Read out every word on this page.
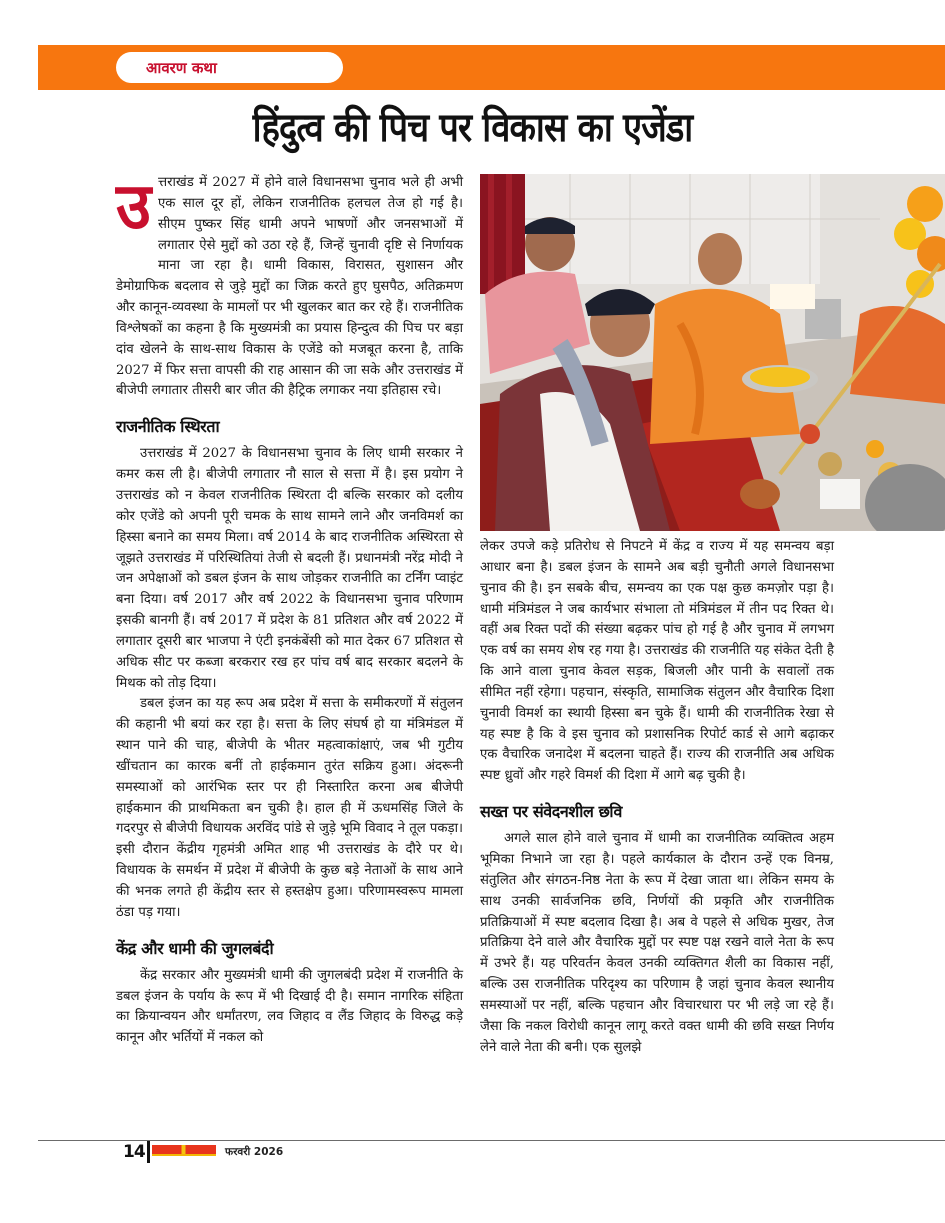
आवरण कथा
हिंदुत्व की पिच पर विकास का एजेंडा
उ त्तराखंड में 2027 में होने वाले विधानसभा चुनाव भले ही अभी एक साल दूर हों, लेकिन राजनीतिक हलचल तेज हो गई है। सीएम पुष्कर सिंह धामी अपने भाषणों और जनसभाओं में लगातार ऐसे मुद्दों को उठा रहे हैं, जिन्हें चुनावी दृष्टि से निर्णायक माना जा रहा है। धामी विकास, विरासत, सुशासन और डेमोग्राफिक बदलाव से जुड़े मुद्दों का जिक्र करते हुए घुसपैठ, अतिक्रमण और कानून-व्यवस्था के मामलों पर भी खुलकर बात कर रहे हैं। राजनीतिक विश्लेषकों का कहना है कि मुख्यमंत्री का प्रयास हिन्दुत्व की पिच पर बड़ा दांव खेलने के साथ-साथ विकास के एजेंडे को मजबूत करना है, ताकि 2027 में फिर सत्ता वापसी की राह आसान की जा सके और उत्तराखंड में बीजेपी लगातार तीसरी बार जीत की हैट्रिक लगाकर नया इतिहास रचे।

राजनीतिक स्थिरता

उत्तराखंड में 2027 के विधानसभा चुनाव के लिए धामी सरकार ने कमर कस ली है। बीजेपी लगातार नौ साल से सत्ता में है। इस प्रयोग ने उत्तराखंड को न केवल राजनीतिक स्थिरता दी बल्कि सरकार को दलीय कोर एजेंडे को अपनी पूरी चमक के साथ सामने लाने और जनविमर्श का हिस्सा बनाने का समय मिला। वर्ष 2014 के बाद राजनीतिक अस्थिरता से जूझते उत्तराखंड में परिस्थितियां तेजी से बदली हैं। प्रधानमंत्री नरेंद्र मोदी ने जन अपेक्षाओं को डबल इंजन के साथ जोड़कर राजनीति का टर्निंग प्वाइंट बना दिया। वर्ष 2017 और वर्ष 2022 के विधानसभा चुनाव परिणाम इसकी बानगी हैं। वर्ष 2017 में प्रदेश के 81 प्रतिशत और वर्ष 2022 में लगातार दूसरी बार भाजपा ने एंटी इनकंबेंसी को मात देकर 67 प्रतिशत से अधिक सीट पर कब्जा बरकरार रख हर पांच वर्ष बाद सरकार बदलने के मिथक को तोड़ दिया।

डबल इंजन का यह रूप अब प्रदेश में सत्ता के समीकरणों में संतुलन की कहानी भी बयां कर रहा है। सत्ता के लिए संघर्ष हो या मंत्रिमंडल में स्थान पाने की चाह, बीजेपी के भीतर महत्वाकांक्षाएं, जब भी गुटीय खींचतान का कारक बनीं तो हाईकमान तुरंत सक्रिय हुआ। अंदरूनी समस्याओं को आरंभिक स्तर पर ही निस्तारित करना अब बीजेपी हाईकमान की प्राथमिकता बन चुकी है। हाल ही में ऊधमसिंह जिले के गदरपुर से बीजेपी विधायक अरविंद पांडे से जुड़े भूमि विवाद ने तूल पकड़ा। इसी दौरान केंद्रीय गृहमंत्री अमित शाह भी उत्तराखंड के दौरे पर थे। विधायक के समर्थन में प्रदेश में बीजेपी के कुछ बड़े नेताओं के साथ आने की भनक लगते ही केंद्रीय स्तर से हस्तक्षेप हुआ। परिणामस्वरूप मामला ठंडा पड़ गया।

केंद्र और धामी की जुगलबंदी

केंद्र सरकार और मुख्यमंत्री धामी की जुगलबंदी प्रदेश में राजनीति के डबल इंजन के पर्याय के रूप में भी दिखाई दी है। समान नागरिक संहिता का क्रियान्वयन और धर्मांतरण, लव जिहाद व लैंड जिहाद के विरुद्ध कड़े कानून और भर्तियों में नकल को

लेकर उपजे कड़े प्रतिरोध से निपटने में केंद्र व राज्य में यह समन्वय बड़ा आधार बना है। डबल इंजन के सामने अब बड़ी चुनौती अगले विधानसभा चुनाव की है। इन सबके बीच, समन्वय का एक पक्ष कुछ कमज़ोर पड़ा है। धामी मंत्रिमंडल ने जब कार्यभार संभाला तो मंत्रिमंडल में तीन पद रिक्त थे। वहीं अब रिक्त पदों की संख्या बढ़कर पांच हो गई है और चुनाव में लगभग एक वर्ष का समय शेष रह गया है। उत्तराखंड की राजनीति यह संकेत देती है कि आने वाला चुनाव केवल सड़क, बिजली और पानी के सवालों तक सीमित नहीं रहेगा। पहचान, संस्कृति, सामाजिक संतुलन और वैचारिक दिशा चुनावी विमर्श का स्थायी हिस्सा बन चुके हैं। धामी की राजनीतिक रेखा से यह स्पष्ट है कि वे इस चुनाव को प्रशासनिक रिपोर्ट कार्ड से आगे बढ़ाकर एक वैचारिक जनादेश में बदलना चाहते हैं। राज्य की राजनीति अब अधिक स्पष्ट ध्रुवों और गहरे विमर्श की दिशा में आगे बढ़ चुकी है।

सख्त पर संवेदनशील छवि

अगले साल होने वाले चुनाव में धामी का राजनीतिक व्यक्तित्व अहम भूमिका निभाने जा रहा है। पहले कार्यकाल के दौरान उन्हें एक विनम्र, संतुलित और संगठन-निष्ठ नेता के रूप में देखा जाता था। लेकिन समय के साथ उनकी सार्वजनिक छवि, निर्णयों की प्रकृति और राजनीतिक प्रतिक्रियाओं में स्पष्ट बदलाव दिखा है। अब वे पहले से अधिक मुखर, तेज प्रतिक्रिया देने वाले और वैचारिक मुद्दों पर स्पष्ट पक्ष रखने वाले नेता के रूप में उभरे हैं। यह परिवर्तन केवल उनकी व्यक्तिगत शैली का विकास नहीं, बल्कि उस राजनीतिक परिदृश्य का परिणाम है जहां चुनाव केवल स्थानीय समस्याओं पर नहीं, बल्कि पहचान और विचारधारा पर भी लड़े जा रहे हैं। जैसा कि नकल विरोधी कानून लागू करते वक्त धामी की छवि सख्त निर्णय लेने वाले नेता की बनी। एक सुलझे

14	फरवरी 2026
